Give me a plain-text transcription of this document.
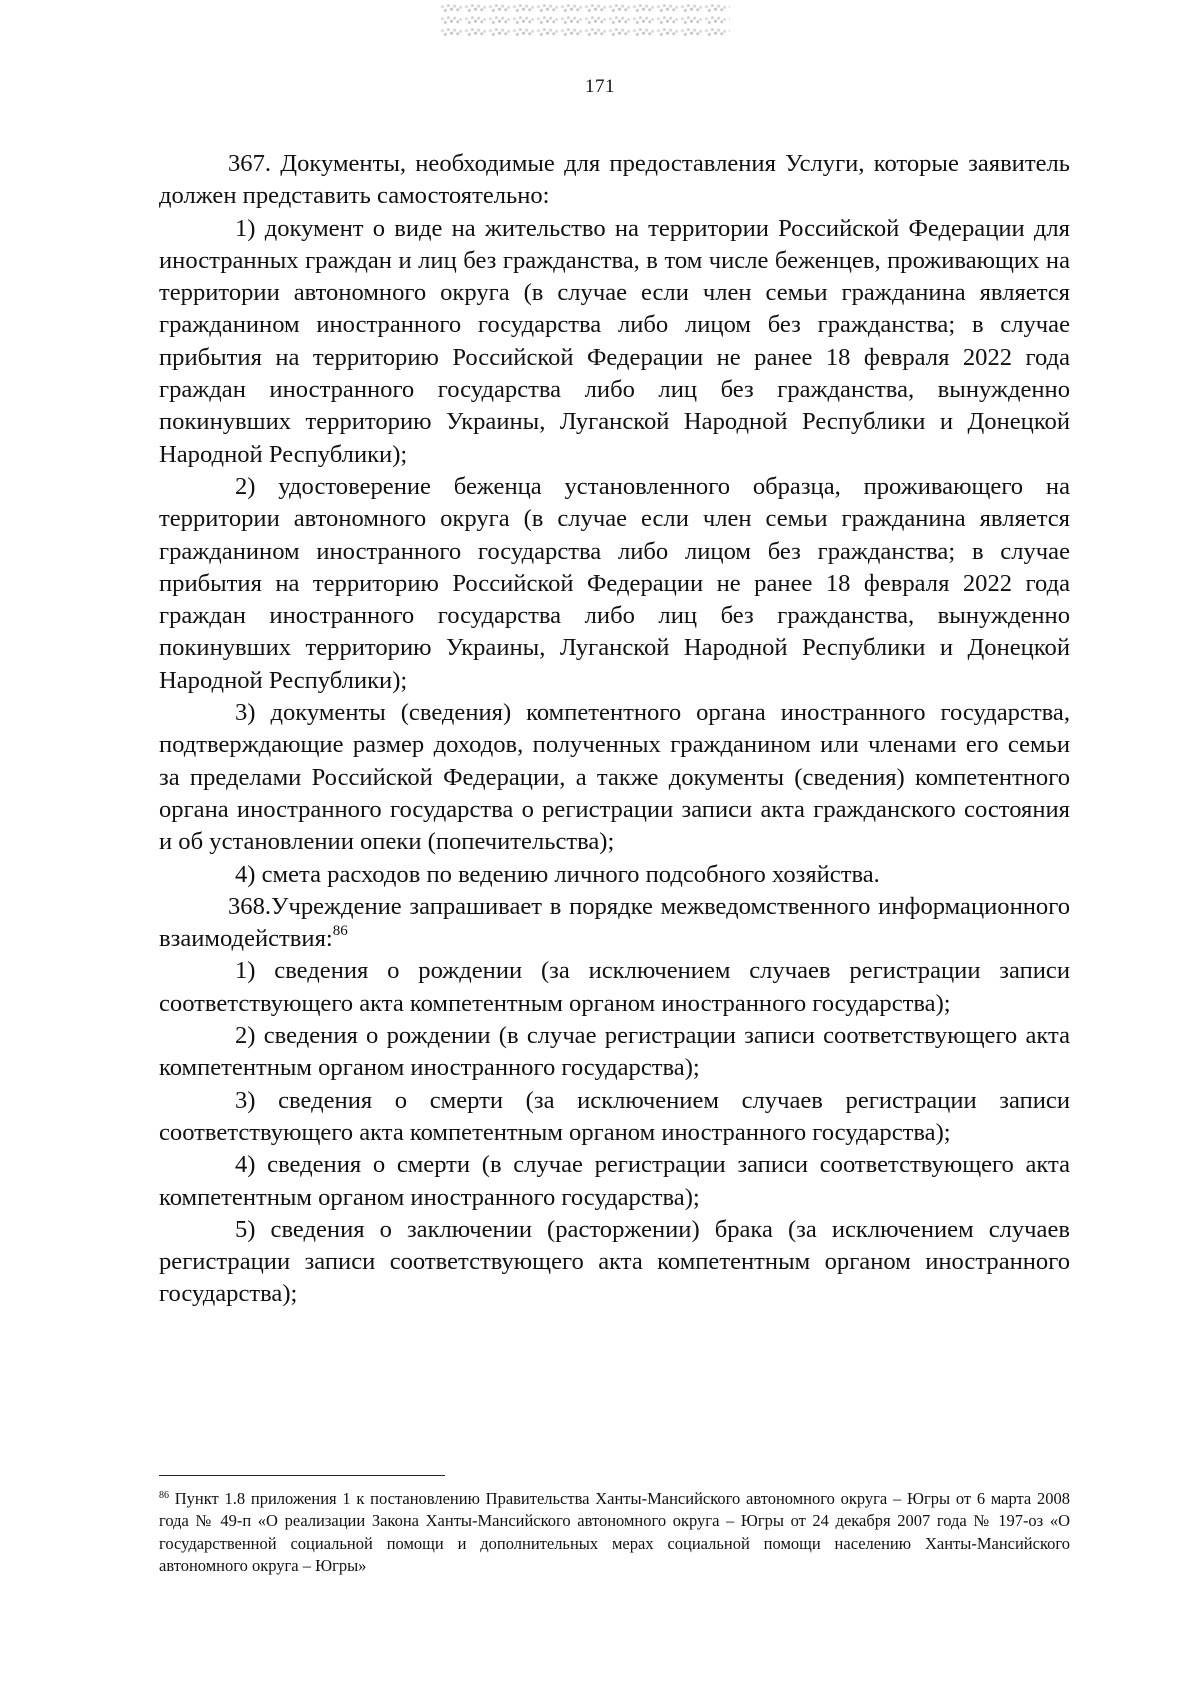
171

367. Документы, необходимые для предоставления Услуги, которые заявитель должен представить самостоятельно:

1) документ о виде на жительство на территории Российской Федерации для иностранных граждан и лиц без гражданства, в том числе беженцев, проживающих на территории автономного округа (в случае если член семьи гражданина является гражданином иностранного государства либо лицом без гражданства; в случае прибытия на территорию Российской Федерации не ранее 18 февраля 2022 года граждан иностранного государства либо лиц без гражданства, вынужденно покинувших территорию Украины, Луганской Народной Республики и Донецкой Народной Республики);

2) удостоверение беженца установленного образца, проживающего на территории автономного округа (в случае если член семьи гражданина является гражданином иностранного государства либо лицом без гражданства; в случае прибытия на территорию Российской Федерации не ранее 18 февраля 2022 года граждан иностранного государства либо лиц без гражданства, вынужденно покинувших территорию Украины, Луганской Народной Республики и Донецкой Народной Республики);

3) документы (сведения) компетентного органа иностранного государства, подтверждающие размер доходов, полученных гражданином или членами его семьи за пределами Российской Федерации, а также документы (сведения) компетентного органа иностранного государства о регистрации записи акта гражданского состояния и об установлении опеки (попечительства);

4) смета расходов по ведению личного подсобного хозяйства.

368.Учреждение запрашивает в порядке межведомственного информационного взаимодействия:$^{86}$

1) сведения о рождении (за исключением случаев регистрации записи соответствующего акта компетентным органом иностранного государства);

2) сведения о рождении (в случае регистрации записи соответствующего акта компетентным органом иностранного государства);

3) сведения о смерти (за исключением случаев регистрации записи соответствующего акта компетентным органом иностранного государства);

4) сведения о смерти (в случае регистрации записи соответствующего акта компетентным органом иностранного государства);

5) сведения о заключении (расторжении) брака (за исключением случаев регистрации записи соответствующего акта компетентным органом иностранного государства);

$^{86}$ Пункт 1.8 приложения 1 к постановлению Правительства Ханты-Мансийского автономного округа – Югры от 6 марта 2008 года № 49-п «О реализации Закона Ханты-Мансийского автономного округа – Югры от 24 декабря 2007 года № 197-оз «О государственной социальной помощи и дополнительных мерах социальной помощи населению Ханты-Мансийского автономного округа – Югры»
